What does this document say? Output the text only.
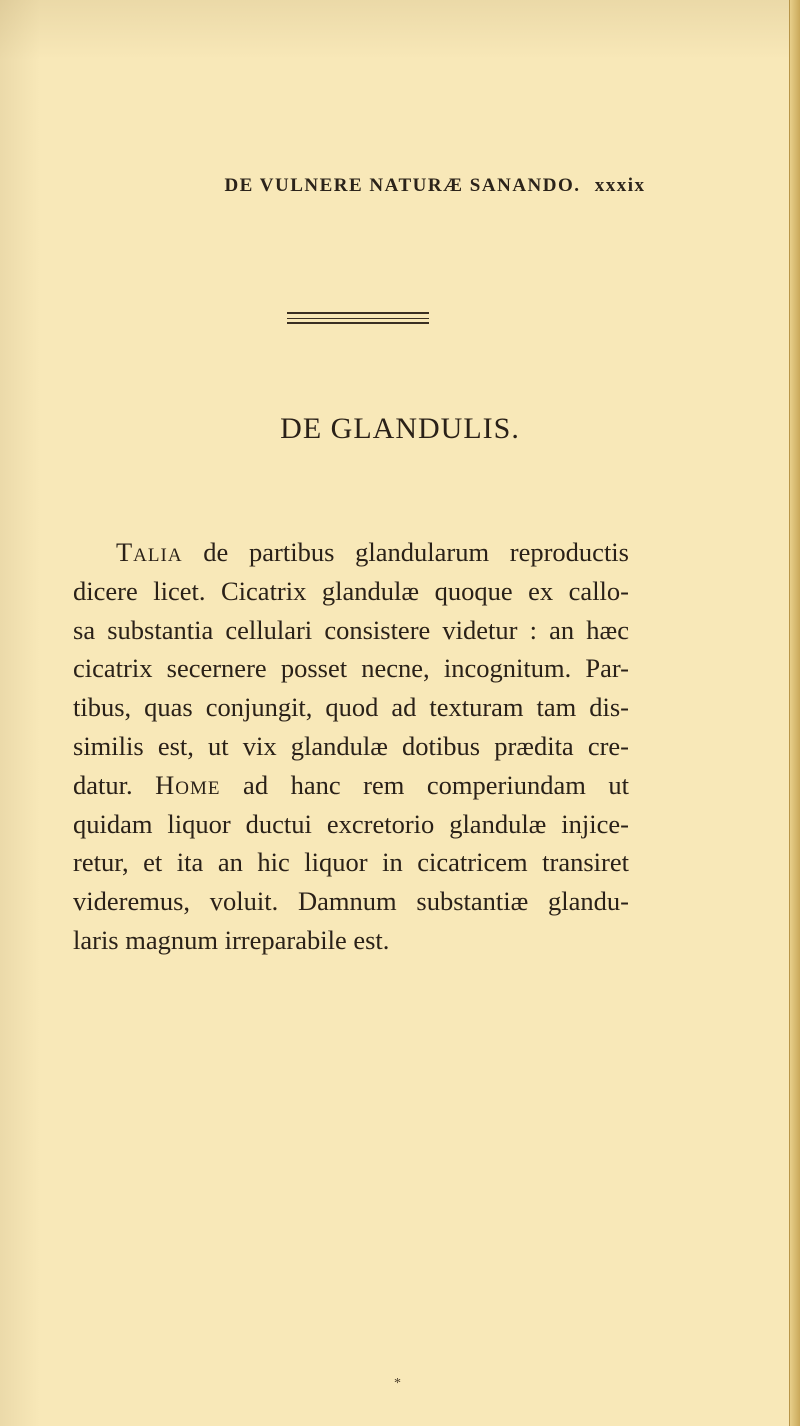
DE VULNERE NATURÆ SANANDO. xxxix
DE GLANDULIS.
Talia de partibus glandularum reproductis
dicere licet. Cicatrix glandulæ quoque ex callo-
sa substantia cellulari consistere videtur : an hæc
cicatrix secernere posset necne, incognitum. Par-
tibus, quas conjungit, quod ad texturam tam dis-
similis est, ut vix glandulæ dotibus prædita cre-
datur. Home ad hanc rem comperiundam ut
quidam liquor ductui excretorio glandulæ injice-
retur, et ita an hic liquor in cicatricem transiret
videremus, voluit. Damnum substantiæ glandu-
laris magnum irreparabile est.
*
